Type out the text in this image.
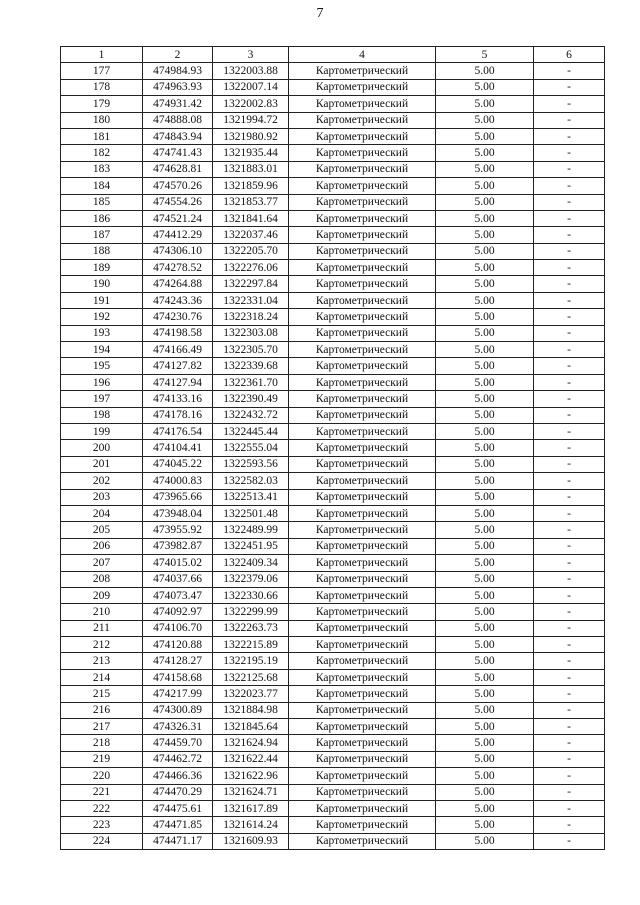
7
1	2	3	4	5	6
177	474984.93	1322003.88	Картометрический	5.00	-
178	474963.93	1322007.14	Картометрический	5.00	-
179	474931.42	1322002.83	Картометрический	5.00	-
180	474888.08	1321994.72	Картометрический	5.00	-
181	474843.94	1321980.92	Картометрический	5.00	-
182	474741.43	1321935.44	Картометрический	5.00	-
183	474628.81	1321883.01	Картометрический	5.00	-
184	474570.26	1321859.96	Картометрический	5.00	-
185	474554.26	1321853.77	Картометрический	5.00	-
186	474521.24	1321841.64	Картометрический	5.00	-
187	474412.29	1322037.46	Картометрический	5.00	-
188	474306.10	1322205.70	Картометрический	5.00	-
189	474278.52	1322276.06	Картометрический	5.00	-
190	474264.88	1322297.84	Картометрический	5.00	-
191	474243.36	1322331.04	Картометрический	5.00	-
192	474230.76	1322318.24	Картометрический	5.00	-
193	474198.58	1322303.08	Картометрический	5.00	-
194	474166.49	1322305.70	Картометрический	5.00	-
195	474127.82	1322339.68	Картометрический	5.00	-
196	474127.94	1322361.70	Картометрический	5.00	-
197	474133.16	1322390.49	Картометрический	5.00	-
198	474178.16	1322432.72	Картометрический	5.00	-
199	474176.54	1322445.44	Картометрический	5.00	-
200	474104.41	1322555.04	Картометрический	5.00	-
201	474045.22	1322593.56	Картометрический	5.00	-
202	474000.83	1322582.03	Картометрический	5.00	-
203	473965.66	1322513.41	Картометрический	5.00	-
204	473948.04	1322501.48	Картометрический	5.00	-
205	473955.92	1322489.99	Картометрический	5.00	-
206	473982.87	1322451.95	Картометрический	5.00	-
207	474015.02	1322409.34	Картометрический	5.00	-
208	474037.66	1322379.06	Картометрический	5.00	-
209	474073.47	1322330.66	Картометрический	5.00	-
210	474092.97	1322299.99	Картометрический	5.00	-
211	474106.70	1322263.73	Картометрический	5.00	-
212	474120.88	1322215.89	Картометрический	5.00	-
213	474128.27	1322195.19	Картометрический	5.00	-
214	474158.68	1322125.68	Картометрический	5.00	-
215	474217.99	1322023.77	Картометрический	5.00	-
216	474300.89	1321884.98	Картометрический	5.00	-
217	474326.31	1321845.64	Картометрический	5.00	-
218	474459.70	1321624.94	Картометрический	5.00	-
219	474462.72	1321622.44	Картометрический	5.00	-
220	474466.36	1321622.96	Картометрический	5.00	-
221	474470.29	1321624.71	Картометрический	5.00	-
222	474475.61	1321617.89	Картометрический	5.00	-
223	474471.85	1321614.24	Картометрический	5.00	-
224	474471.17	1321609.93	Картометрический	5.00	-
